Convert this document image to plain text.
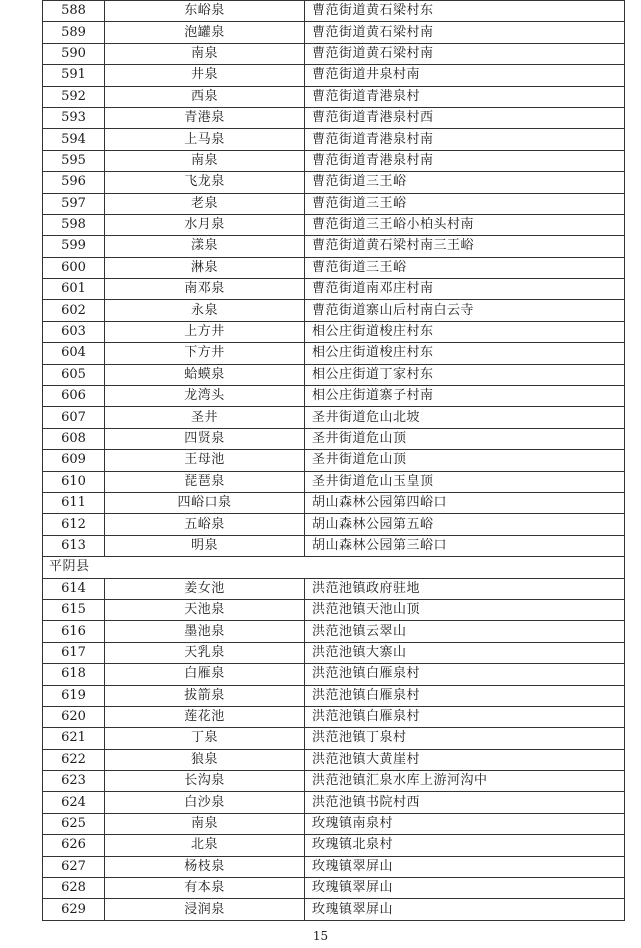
588	东峪泉	曹范街道黄石梁村东
589	泡罐泉	曹范街道黄石梁村南
590	南泉	曹范街道黄石梁村南
591	井泉	曹范街道井泉村南
592	西泉	曹范街道青港泉村
593	青港泉	曹范街道青港泉村西
594	上马泉	曹范街道青港泉村南
595	南泉	曹范街道青港泉村南
596	飞龙泉	曹范街道三王峪
597	老泉	曹范街道三王峪
598	水月泉	曹范街道三王峪小柏头村南
599	漾泉	曹范街道黄石梁村南三王峪
600	淋泉	曹范街道三王峪
601	南邓泉	曹范街道南邓庄村南
602	永泉	曹范街道寨山后村南白云寺
603	上方井	相公庄街道梭庄村东
604	下方井	相公庄街道梭庄村东
605	蛤蟆泉	相公庄街道丁家村东
606	龙湾头	相公庄街道寨子村南
607	圣井	圣井街道危山北坡
608	四贤泉	圣井街道危山顶
609	王母池	圣井街道危山顶
610	琵琶泉	圣井街道危山玉皇顶
611	四峪口泉	胡山森林公园第四峪口
612	五峪泉	胡山森林公园第五峪
613	明泉	胡山森林公园第三峪口
平阴县		
614	姜女池	洪范池镇政府驻地
615	天池泉	洪范池镇天池山顶
616	墨池泉	洪范池镇云翠山
617	天乳泉	洪范池镇大寨山
618	白雁泉	洪范池镇白雁泉村
619	拔箭泉	洪范池镇白雁泉村
620	莲花池	洪范池镇白雁泉村
621	丁泉	洪范池镇丁泉村
622	狼泉	洪范池镇大黄崖村
623	长沟泉	洪范池镇汇泉水库上游河沟中
624	白沙泉	洪范池镇书院村西
625	南泉	玫瑰镇南泉村
626	北泉	玫瑰镇北泉村
627	杨枝泉	玫瑰镇翠屏山
628	有本泉	玫瑰镇翠屏山
629	浸润泉	玫瑰镇翠屏山
15
